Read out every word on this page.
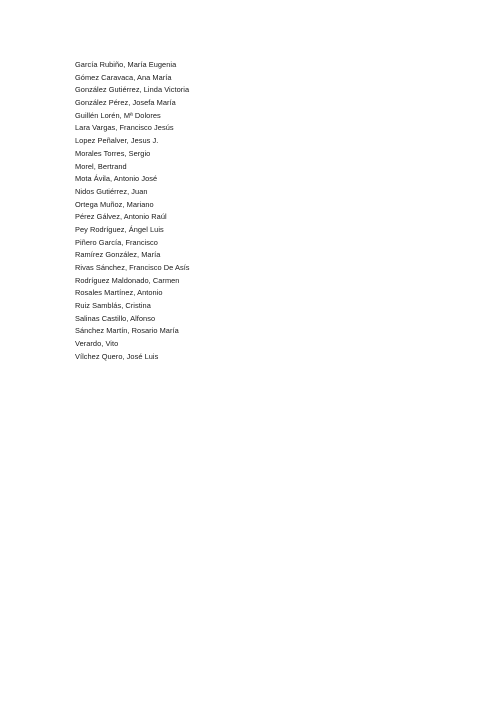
García Rubiño, María Eugenia
Gómez Caravaca, Ana María
González Gutiérrez, Linda Victoria
González Pérez, Josefa María
Guillén Lorén, Mª Dolores
Lara Vargas, Francisco Jesús
Lopez Peñalver, Jesus J.
Morales Torres, Sergio
Morel, Bertrand
Mota Ávila, Antonio José
Nidos Gutiérrez, Juan
Ortega Muñoz, Mariano
Pérez Gálvez, Antonio Raúl
Pey Rodríguez, Ángel Luis
Piñero García, Francisco
Ramírez González, María
Rivas Sánchez, Francisco De Asís
Rodríguez Maldonado, Carmen
Rosales Martínez, Antonio
Ruiz Samblás, Cristina
Salinas Castillo, Alfonso
Sánchez Martín, Rosario María
Verardo, Vito
Vílchez Quero, José Luis
